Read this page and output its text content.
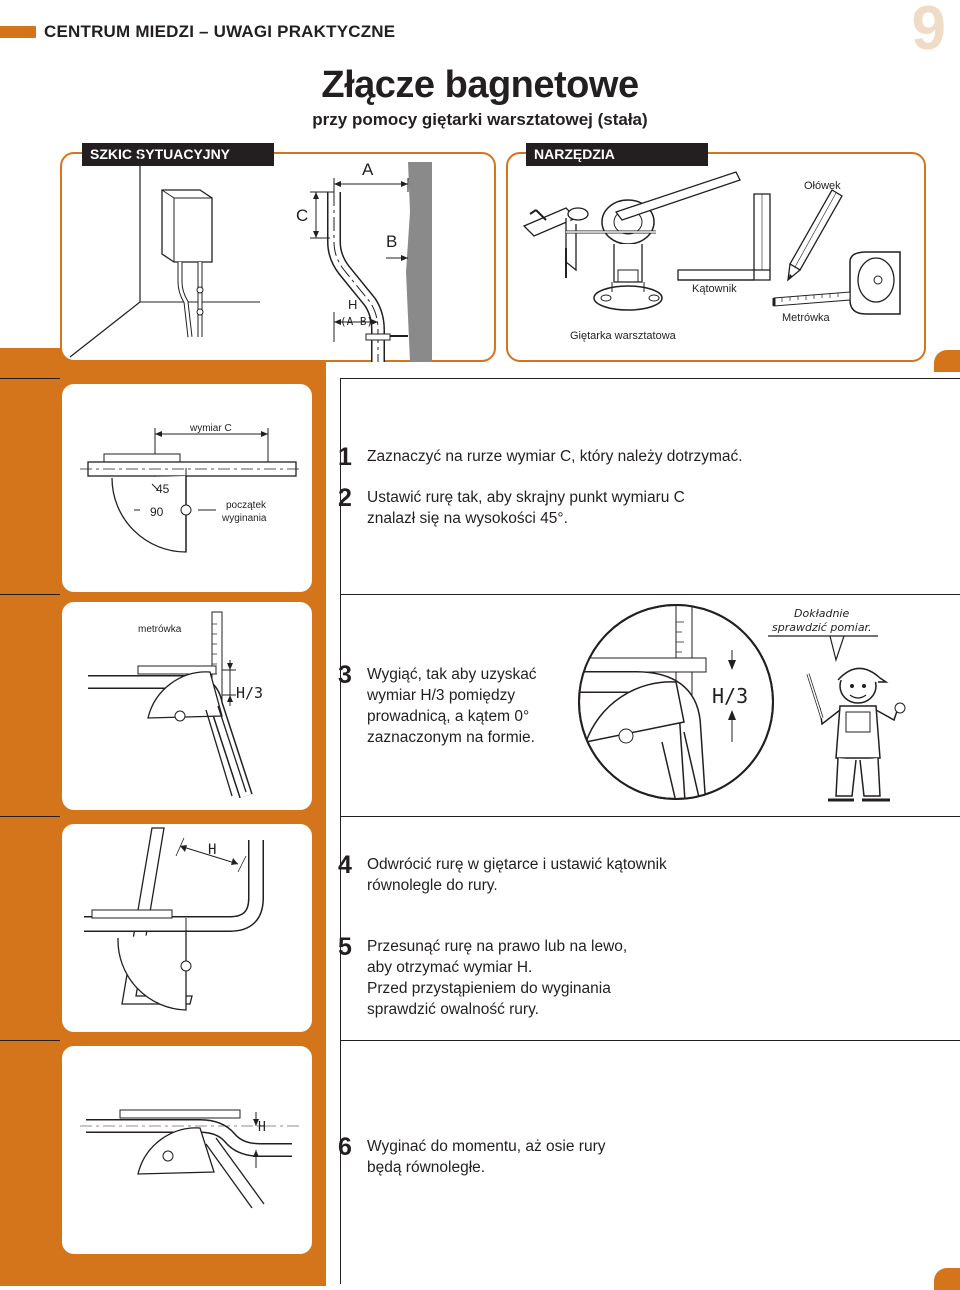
CENTRUM MIEDZI – UWAGI PRAKTYCZNE	9
Złącze bagnetowe
przy pomocy giętarki warsztatowej (stała)
SZKIC SYTUACYJNY
A
B
C
H
(A-B)
NARZĘDZIA
Giętarka warsztatowa
Kątownik
Ołówek
Metrówka
wymiar C
45
90	początek
wyginania
metrówka
H/3	H/3
Dokładnie
sprawdzić pomiar.
H
H
1 Zaznaczyć na rurze wymiar C, który należy dotrzymać.
2 Ustawić rurę tak, aby skrajny punkt wymiaru C
znalazł się na wysokości 45°.
3 Wygiąć, tak aby uzyskać
wymiar H/3 pomiędzy
prowadnicą, a kątem 0°
zaznaczonym na formie.
4 Odwrócić rurę w giętarce i ustawić kątownik
równolegle do rury.
5 Przesunąć rurę na prawo lub na lewo,
aby otrzymać wymiar H.
Przed przystąpieniem do wyginania
sprawdzić owalność rury.
6 Wyginać do momentu, aż osie rury
będą równoległe.
